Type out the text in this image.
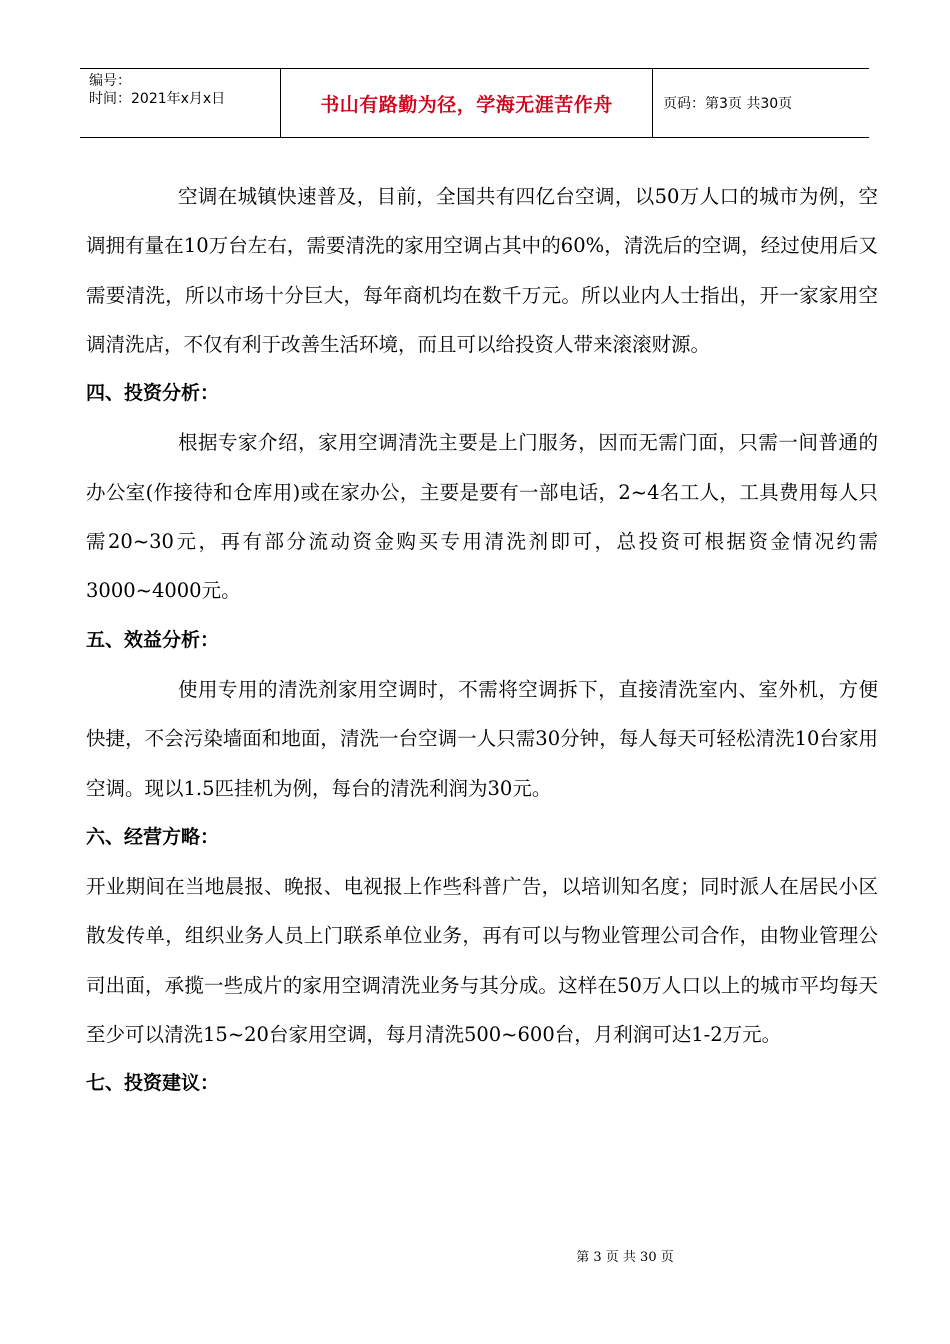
编号：
时间：2021年x月x日	书山有路勤为径，学海无涯苦作舟	页码：第3页 共30页

空调在城镇快速普及，目前，全国共有四亿台空调，以50万人口的城市为例，空调拥有量在10万台左右，需要清洗的家用空调占其中的60%，清洗后的空调，经过使用后又需要清洗，所以市场十分巨大，每年商机均在数千万元。所以业内人士指出，开一家家用空调清洗店，不仅有利于改善生活环境，而且可以给投资人带来滚滚财源。

四、投资分析：

根据专家介绍，家用空调清洗主要是上门服务，因而无需门面，只需一间普通的办公室(作接待和仓库用)或在家办公，主要是要有一部电话，2~4名工人，工具费用每人只需20~30元，再有部分流动资金购买专用清洗剂即可，总投资可根据资金情况约需3000~4000元。

五、效益分析：

使用专用的清洗剂家用空调时，不需将空调拆下，直接清洗室内、室外机，方便快捷，不会污染墙面和地面，清洗一台空调一人只需30分钟，每人每天可轻松清洗10台家用空调。现以1.5匹挂机为例，每台的清洗利润为30元。

六、经营方略：

开业期间在当地晨报、晚报、电视报上作些科普广告，以培训知名度；同时派人在居民小区散发传单，组织业务人员上门联系单位业务，再有可以与物业管理公司合作，由物业管理公司出面，承揽一些成片的家用空调清洗业务与其分成。这样在50万人口以上的城市平均每天至少可以清洗15~20台家用空调，每月清洗500~600台，月利润可达1-2万元。

七、投资建议：

第 3 页 共 30 页
